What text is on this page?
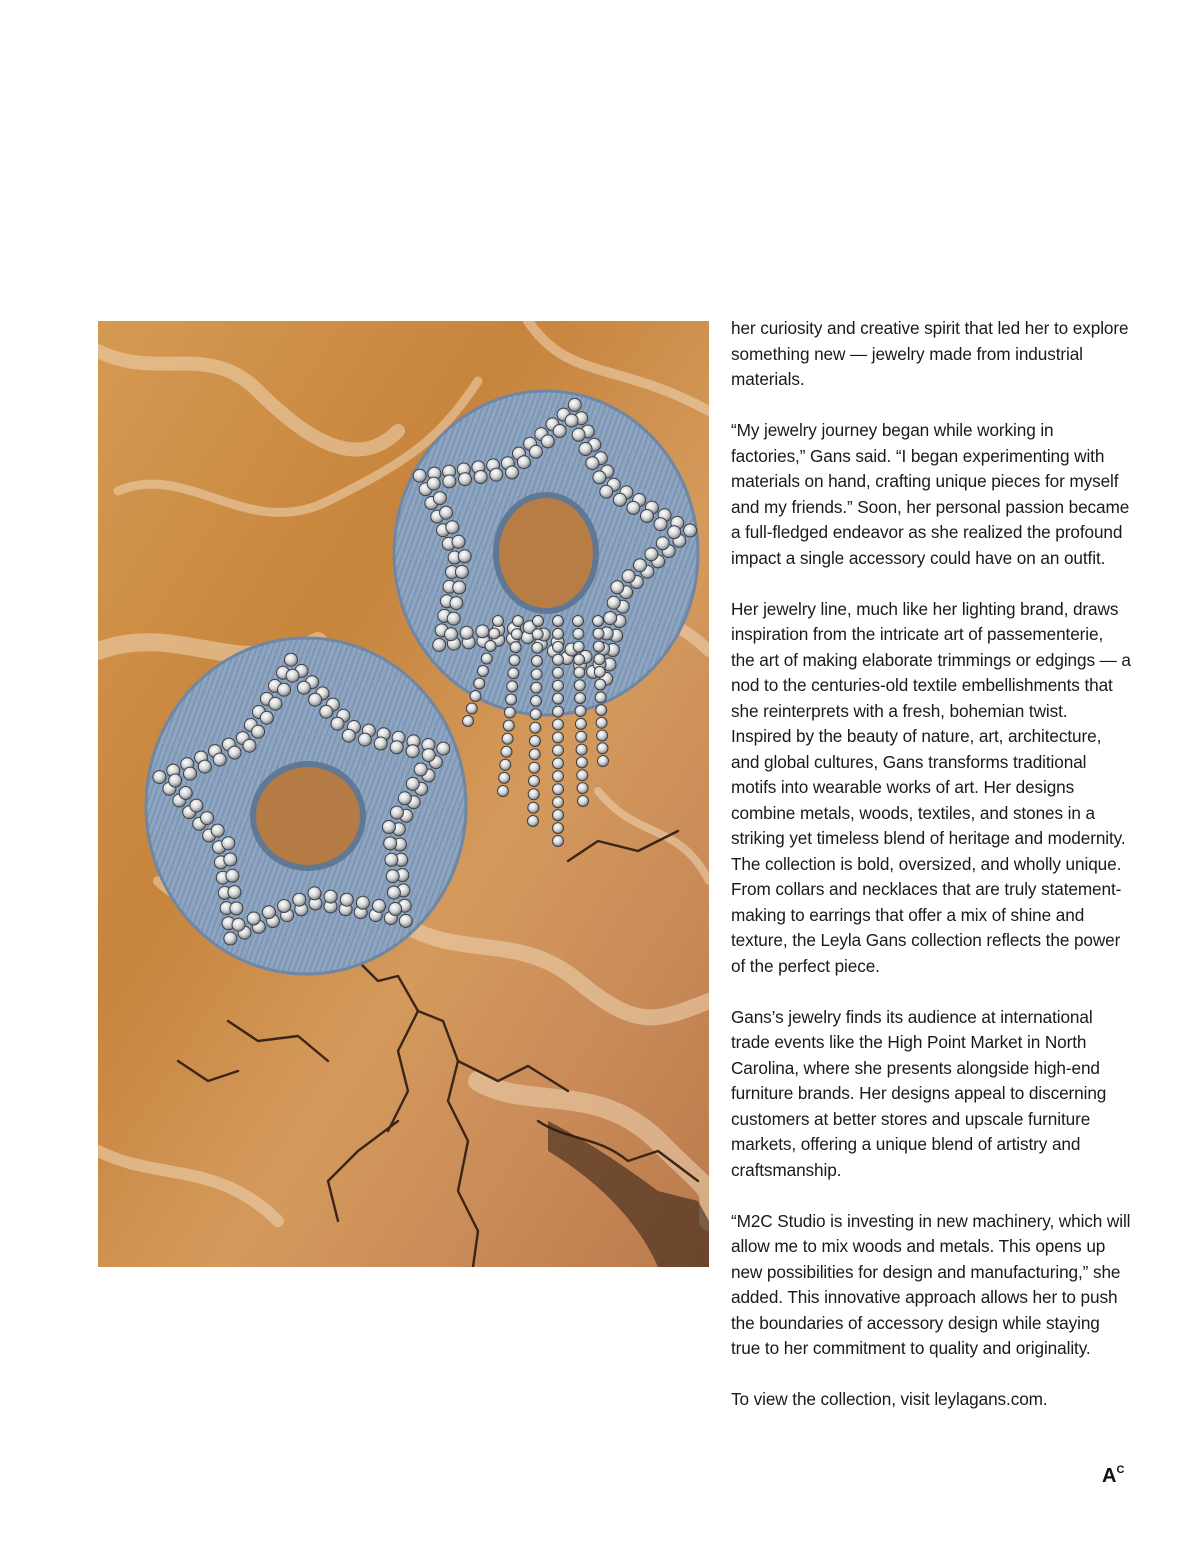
her curiosity and creative spirit that led her to explore something new — jewelry made from industrial materials.

“My jewelry journey began while working in factories,” Gans said. “I began experimenting with materials on hand, crafting unique pieces for myself and my friends.” Soon, her personal passion became a full-fledged endeavor as she realized the profound impact a single accessory could have on an outfit.

Her jewelry line, much like her lighting brand, draws inspiration from the intricate art of passementerie, the art of making elaborate trimmings or edgings — a nod to the centuries-old textile embellishments that she reinterprets with a fresh, bohemian twist. Inspired by the beauty of nature, art, architecture, and global cultures, Gans transforms traditional motifs into wearable works of art. Her designs combine metals, woods, textiles, and stones in a striking yet timeless blend of heritage and modernity. The collection is bold, oversized, and wholly unique. From collars and necklaces that are truly statement-making to earrings that offer a mix of shine and texture, the Leyla Gans collection reflects the power of the perfect piece.

Gans’s jewelry finds its audience at international trade events like the High Point Market in North Carolina, where she presents alongside high-end furniture brands. Her designs appeal to discerning customers at better stores and upscale furniture markets, offering a unique blend of artistry and craftsmanship.

“M2C Studio is investing in new machinery, which will allow me to mix woods and metals. This opens up new possibilities for design and manufacturing,” she added. This innovative approach allows her to push the boundaries of accessory design while staying true to her commitment to quality and originality.

To view the collection, visit leylagans.com.

$A^C$
